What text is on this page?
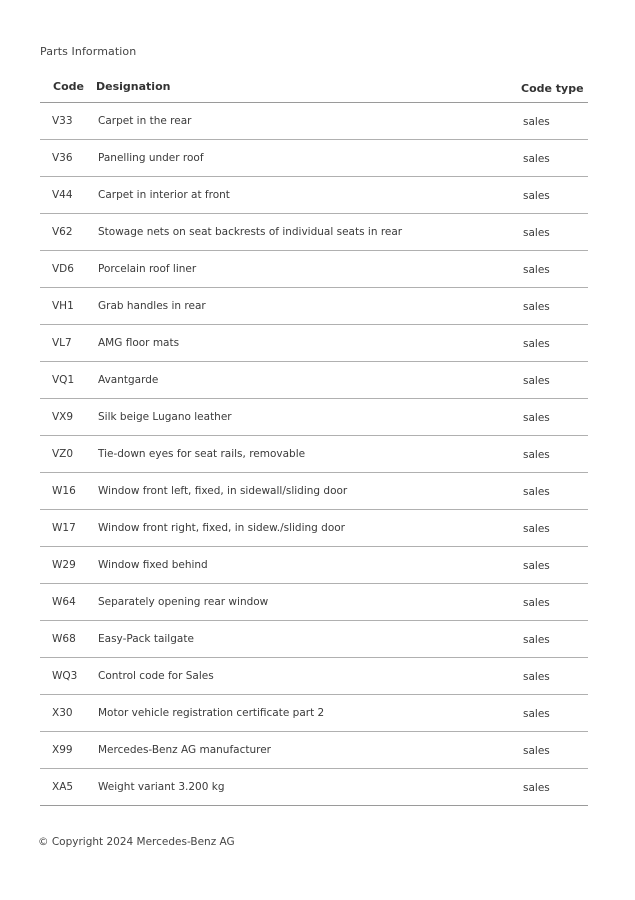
Parts Information
Code Designation	Code type
V33 Carpet in the rear	sales
V36 Panelling under roof	sales
V44 Carpet in interior at front	sales
V62 Stowage nets on seat backrests of individual seats in rear	sales
VD6 Porcelain roof liner	sales
VH1 Grab handles in rear	sales
VL7	AMG floor mats	sales
VQ1 Avantgarde	sales
VX9 Silk beige Lugano leather	sales
VZ0 Tie-down eyes for seat rails, removable	sales
W16 Window front left, fixed, in sidewall/sliding door	sales
W17 Window front right, fixed, in sidew./sliding door	sales
W29 Window fixed behind	sales
W64 Separately opening rear window	sales
W68 Easy-Pack tailgate	sales
WQ3 Control code for Sales	sales
X30 Motor vehicle registration certificate part 2	sales
X99 Mercedes-Benz AG manufacturer	sales
XA5 Weight variant 3.200 kg	sales
© Copyright 2024 Mercedes-Benz AG
